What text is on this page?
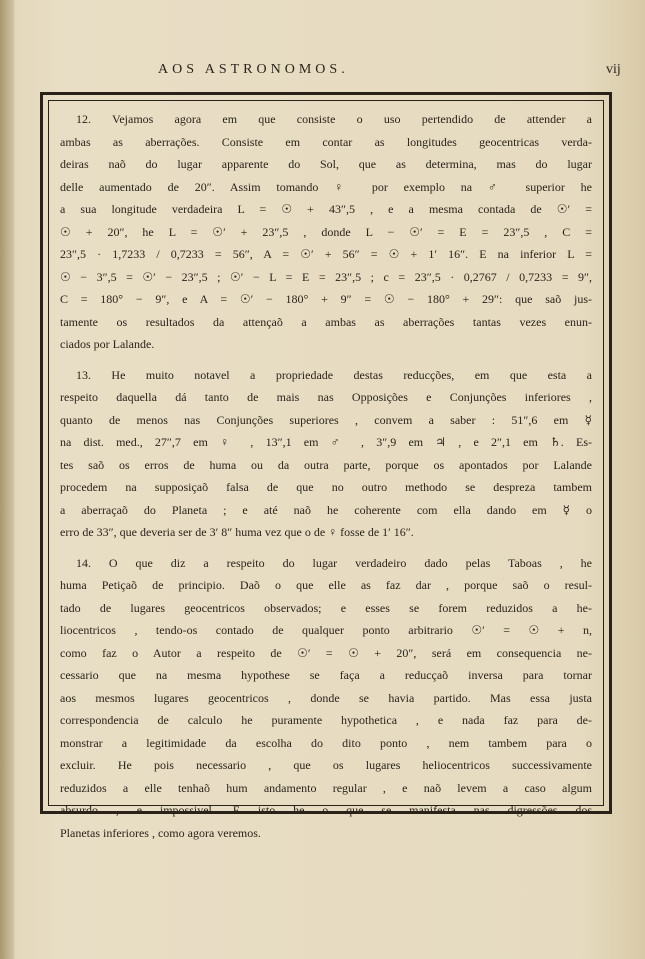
AOS ASTRONOMOS.	vij
12. Vejamos agora em que consiste o uso pertendido de attender a
ambas as aberrações. Consiste em contar as longitudes geocentricas verda-
deiras naõ do lugar apparente do Sol, que as determina, mas do lugar
delle aumentado de 20″. Assim tomando ♀ por exemplo na ♂ superior he
a sua longitude verdadeira L = ☉ + 43″,5 , e a mesma contada de ☉′ =
☉ + 20″, he L = ☉′ + 23″,5 , donde L − ☉′ = E = 23″,5 , C =
23″,5 · 1,7233 / 0,7233 = 56″, A = ☉′ + 56″ = ☉ + 1′ 16″. E na inferior L =
☉ − 3″,5 = ☉′ − 23″,5 ; ☉′ − L = E = 23″,5 ; c = 23″,5 · 0,2767 / 0,7233 = 9″,
C = 180° − 9″, e A = ☉′ − 180° + 9″ = ☉ − 180° + 29″: que saõ jus-
tamente os resultados da attençaõ a ambas as aberrações tantas vezes enun-
ciados por Lalande.
13. He muito notavel a propriedade destas reducções, em que esta a
respeito daquella dá tanto de mais nas Opposições e Conjunções inferiores ,
quanto de menos nas Conjunções superiores , convem a saber : 51″,6 em ☿
na dist. med., 27″,7 em ♀ , 13″,1 em ♂ , 3″,9 em ♃ , e 2″,1 em ♄. Es-
tes saõ os erros de huma ou da outra parte, porque os apontados por Lalande
procedem na supposiçaõ falsa de que no outro methodo se despreza tambem
a aberraçaõ do Planeta ; e até naõ he coherente com ella dando em ☿ o
erro de 33″, que deveria ser de 3′ 8″ huma vez que o de ♀ fosse de 1′ 16″.
14. O que diz a respeito do lugar verdadeiro dado pelas Taboas , he
huma Petiçaõ de principio. Daõ o que elle as faz dar , porque saõ o resul-
tado de lugares geocentricos observados; e esses se forem reduzidos a he-
liocentricos , tendo-os contado de qualquer ponto arbitrario ☉′ = ☉ + n,
como faz o Autor a respeito de ☉′ = ☉ + 20″, será em consequencia ne-
cessario que na mesma hypothese se faça a reducçaõ inversa para tornar
aos mesmos lugares geocentricos , donde se havia partido. Mas essa justa
correspondencia de calculo he puramente hypothetica , e nada faz para de-
monstrar a legitimidade da escolha do dito ponto , nem tambem para o
excluir. He pois necessario , que os lugares heliocentricos successivamente
reduzidos a elle tenhaõ hum andamento regular , e naõ levem a caso algum
absurdo , e impossivel. E isto he o que se manifesta nas digressões dos
Planetas inferiores , como agora veremos.
